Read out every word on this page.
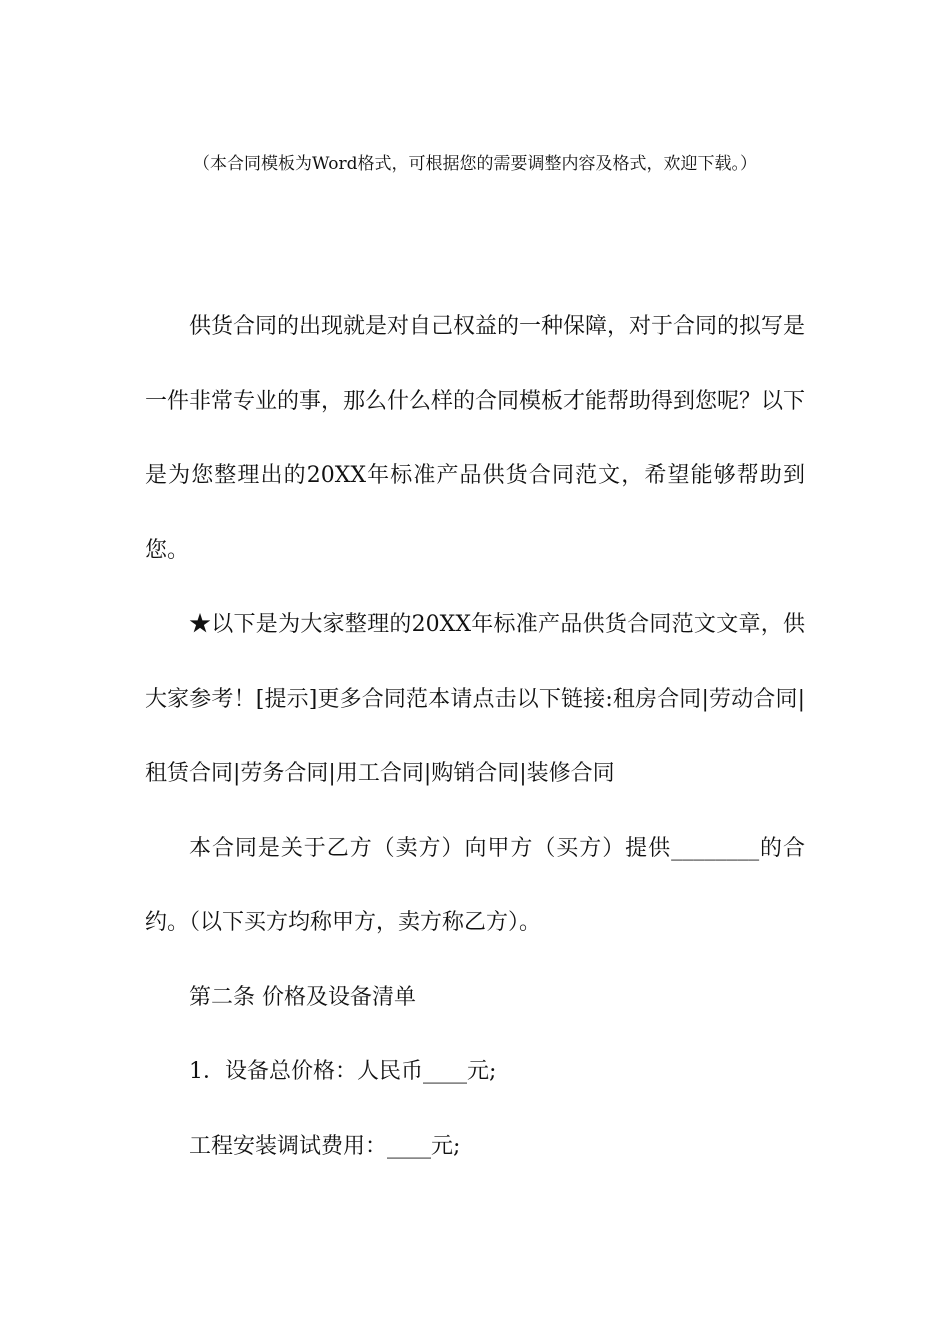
（本合同模板为Word格式，可根据您的需要调整内容及格式，欢迎下载。）

供货合同的出现就是对自己权益的一种保障，对于合同的拟写是一件非常专业的事，那么什么样的合同模板才能帮助得到您呢？以下是为您整理出的20XX年标准产品供货合同范文，希望能够帮助到您。

★以下是为大家整理的20XX年标准产品供货合同范文文章，供大家参考！[提示]更多合同范本请点击以下链接:租房合同|劳动合同|租赁合同|劳务合同|用工合同|购销合同|装修合同

本合同是关于乙方（卖方）向甲方（买方）提供________的合约。（以下买方均称甲方，卖方称乙方）。

第二条 价格及设备清单

1．设备总价格：人民币____元;

工程安装调试费用：____元;
